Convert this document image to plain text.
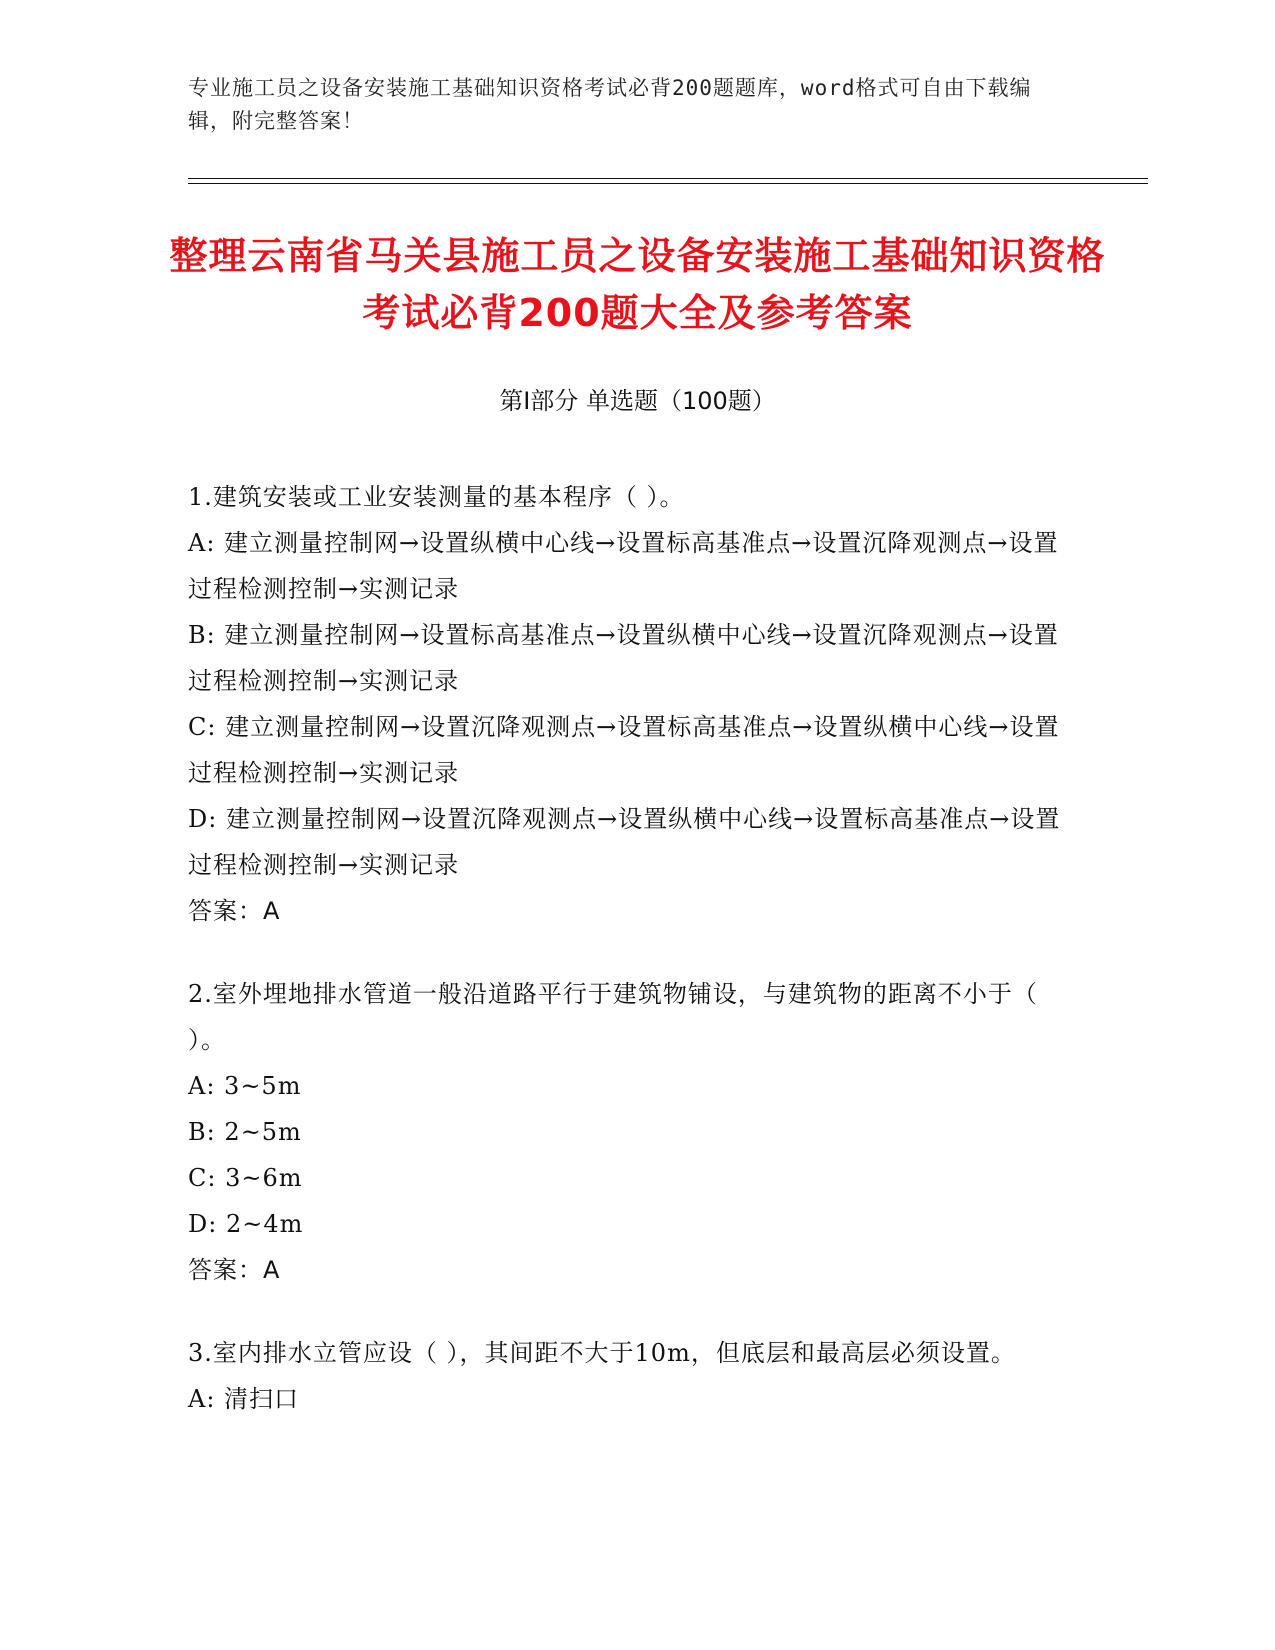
专业施工员之设备安装施工基础知识资格考试必背200题题库，word格式可自由下载编辑，附完整答案！
整理云南省马关县施工员之设备安装施工基础知识资格考试必背200题大全及参考答案
第Ⅰ部分 单选题（100题）

1.建筑安装或工业安装测量的基本程序（ ）。

A: 建立测量控制网→设置纵横中心线→设置标高基准点→设置沉降观测点→设置过程检测控制→实测记录

B: 建立测量控制网→设置标高基准点→设置纵横中心线→设置沉降观测点→设置过程检测控制→实测记录

C: 建立测量控制网→设置沉降观测点→设置标高基准点→设置纵横中心线→设置过程检测控制→实测记录

D: 建立测量控制网→设置沉降观测点→设置纵横中心线→设置标高基准点→设置过程检测控制→实测记录

答案：A

2.室外埋地排水管道一般沿道路平行于建筑物铺设，与建筑物的距离不小于（ ）。

A: 3~5m

B: 2~5m

C: 3~6m

D: 2~4m

答案：A

3.室内排水立管应设（ ），其间距不大于10m，但底层和最高层必须设置。

A: 清扫口
